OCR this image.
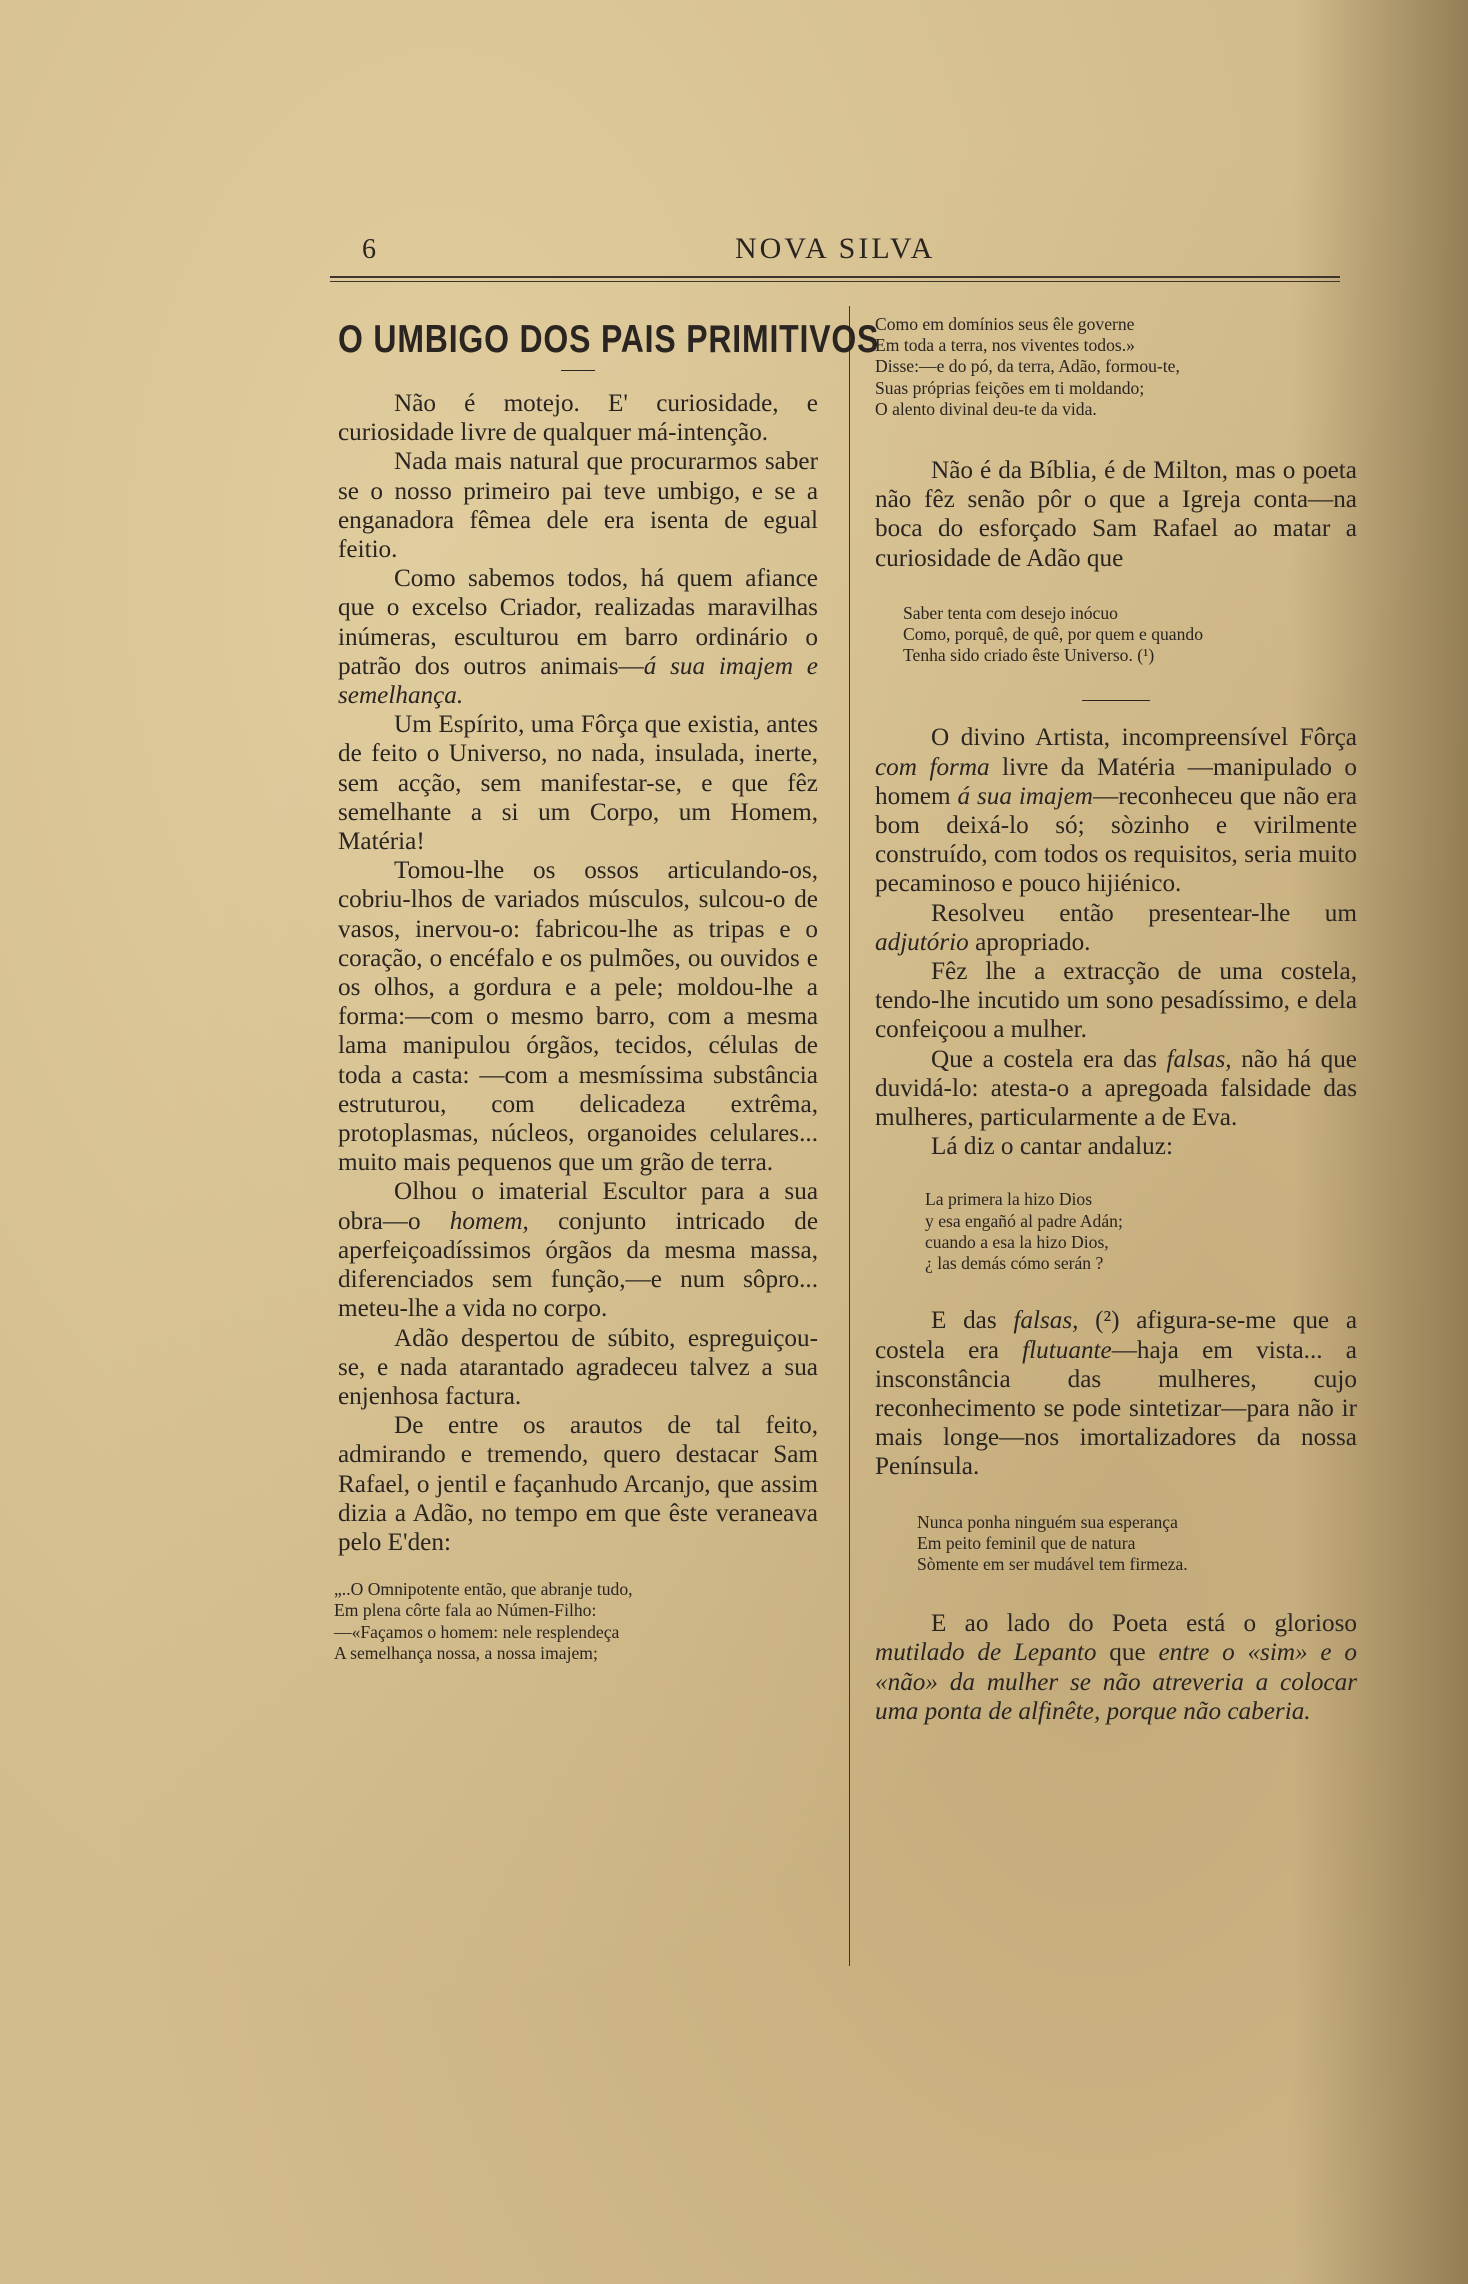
6	NOVA SILVA
O UMBIGO DOS PAIS PRIMITIVOS

Não é motejo. E' curiosidade, e curiosidade livre de qualquer má-intenção.

Nada mais natural que procurarmos saber se o nosso primeiro pai teve umbigo, e se a enganadora fêmea dele era isenta de egual feitio.

Como sabemos todos, há quem afiance que o excelso Criador, realizadas maravilhas inúmeras, esculturou em barro ordinário o patrão dos outros animais—á sua imajem e semelhança.

Um Espírito, uma Fôrça que existia, antes de feito o Universo, no nada, insulada, inerte, sem acção, sem manifestar-se, e que fêz semelhante a si um Corpo, um Homem, Matéria!

Tomou-lhe os ossos articulando-os, cobriu-lhos de variados músculos, sulcou-o de vasos, inervou-o: fabricou-lhe as tripas e o coração, o encéfalo e os pulmões, ou ouvidos e os olhos, a gordura e a pele; moldou-lhe a forma:—com o mesmo barro, com a mesma lama manipulou órgãos, tecidos, células de toda a casta: —com a mesmíssima substância estruturou, com delicadeza extrêma, protoplasmas, núcleos, organoides celulares... muito mais pequenos que um grão de terra.

Olhou o imaterial Escultor para a sua obra—o homem, conjunto intricado de aperfeiçoadíssimos órgãos da mesma massa, diferenciados sem função,—e num sôpro... meteu-lhe a vida no corpo.

Adão despertou de súbito, espreguiçou-se, e nada atarantado agradeceu talvez a sua enjenhosa factura.

De entre os arautos de tal feito, admirando e tremendo, quero destacar Sam Rafael, o jentil e façanhudo Arcanjo, que assim dizia a Adão, no tempo em que êste veraneava pelo E'den:

„..O Omnipotente então, que abranje tudo,
Em plena côrte fala ao Númen-Filho:
—«Façamos o homem: nele resplendeça
A semelhança nossa, a nossa imajem;
Como em domínios seus êle governe
Em toda a terra, nos viventes todos.»
Disse:—e do pó, da terra, Adão, formou-te,
Suas próprias feições em ti moldando;
O alento divinal deu-te da vida.

Não é da Bíblia, é de Milton, mas o poeta não fêz senão pôr o que a Igreja conta—na boca do esforçado Sam Rafael ao matar a curiosidade de Adão que

Saber tenta com desejo inócuo
Como, porquê, de quê, por quem e quando
Tenha sido criado êste Universo. (¹)

O divino Artista, incompreensível Fôrça com forma livre da Matéria —manipulado o homem á sua imajem—reconheceu que não era bom deixá-lo só; sòzinho e virilmente construído, com todos os requisitos, seria muito pecaminoso e pouco hijiénico.

Resolveu então presentear-lhe um adjutório apropriado.

Fêz lhe a extracção de uma costela, tendo-lhe incutido um sono pesadíssimo, e dela confeiçoou a mulher.

Que a costela era das falsas, não há que duvidá-lo: atesta-o a apregoada falsidade das mulheres, particularmente a de Eva.

Lá diz o cantar andaluz:

La primera la hizo Dios
y esa engañó al padre Adán;
cuando a esa la hizo Dios,
¿ las demás cómo serán ?

E das falsas, (²) afigura-se-me que a costela era flutuante—haja em vista... a insconstância das mulheres, cujo reconhecimento se pode sintetizar—para não ir mais longe—nos imortalizadores da nossa Península.

Nunca ponha ninguém sua esperança
Em peito feminil que de natura
Sòmente em ser mudável tem firmeza.

E ao lado do Poeta está o glorioso mutilado de Lepanto que entre o «sim» e o «não» da mulher se não atreveria a colocar uma ponta de alfinête, porque não caberia.
